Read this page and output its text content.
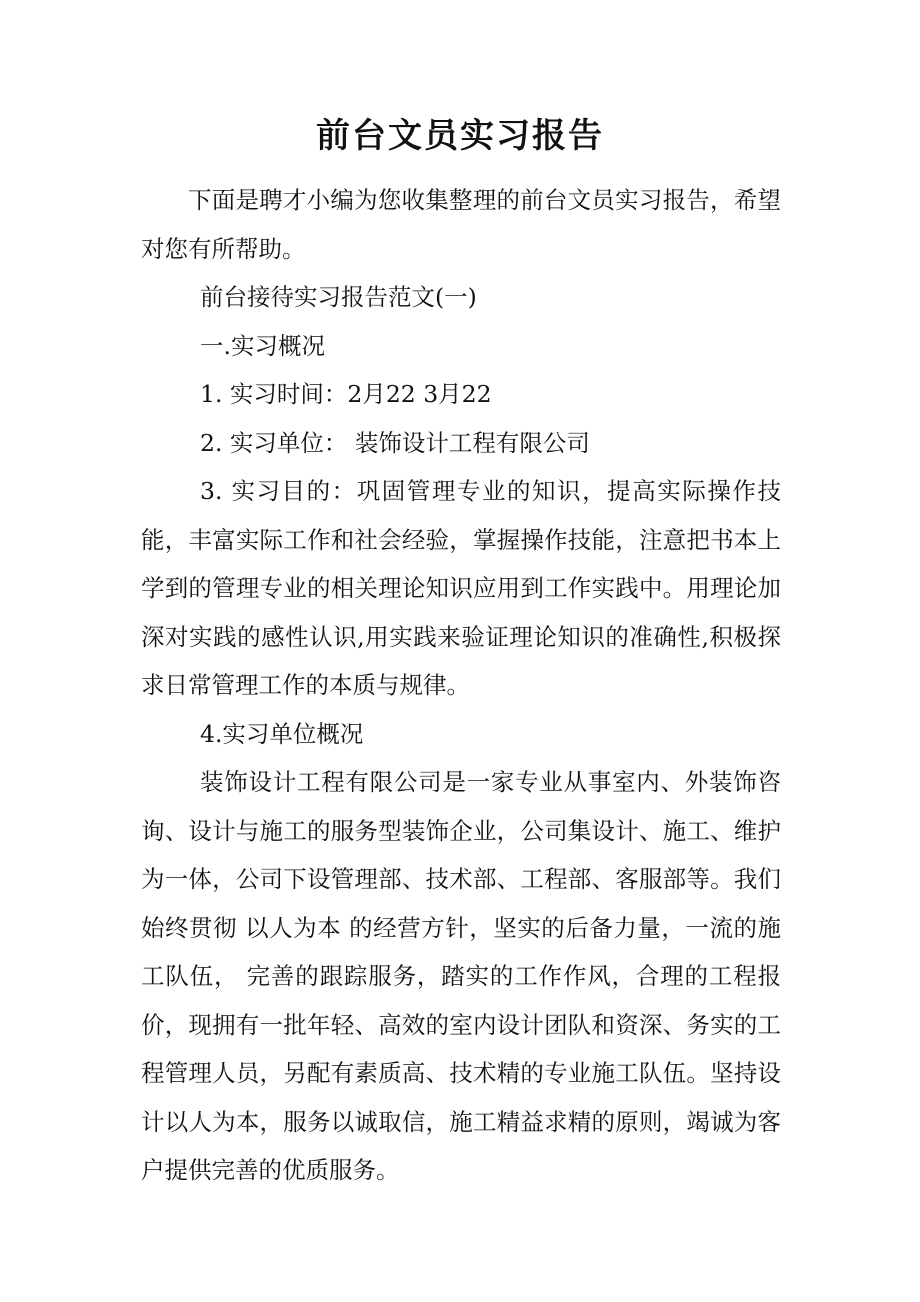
前台文员实习报告

下面是聘才小编为您收集整理的前台文员实习报告，希望对您有所帮助。

前台接待实习报告范文(一)

一.实习概况

1. 实习时间：2月22 3月22

2. 实习单位： 装饰设计工程有限公司

3. 实习目的：巩固管理专业的知识，提高实际操作技能，丰富实际工作和社会经验，掌握操作技能，注意把书本上学到的管理专业的相关理论知识应用到工作实践中。用理论加深对实践的感性认识,用实践来验证理论知识的准确性,积极探求日常管理工作的本质与规律。

4.实习单位概况

装饰设计工程有限公司是一家专业从事室内、外装饰咨询、设计与施工的服务型装饰企业，公司集设计、施工、维护为一体，公司下设管理部、技术部、工程部、客服部等。我们始终贯彻 以人为本 的经营方针，坚实的后备力量，一流的施工队伍， 完善的跟踪服务，踏实的工作作风，合理的工程报价，现拥有一批年轻、高效的室内设计团队和资深、务实的工程管理人员，另配有素质高、技术精的专业施工队伍。坚持设计以人为本，服务以诚取信，施工精益求精的原则，竭诚为客户提供完善的优质服务。
